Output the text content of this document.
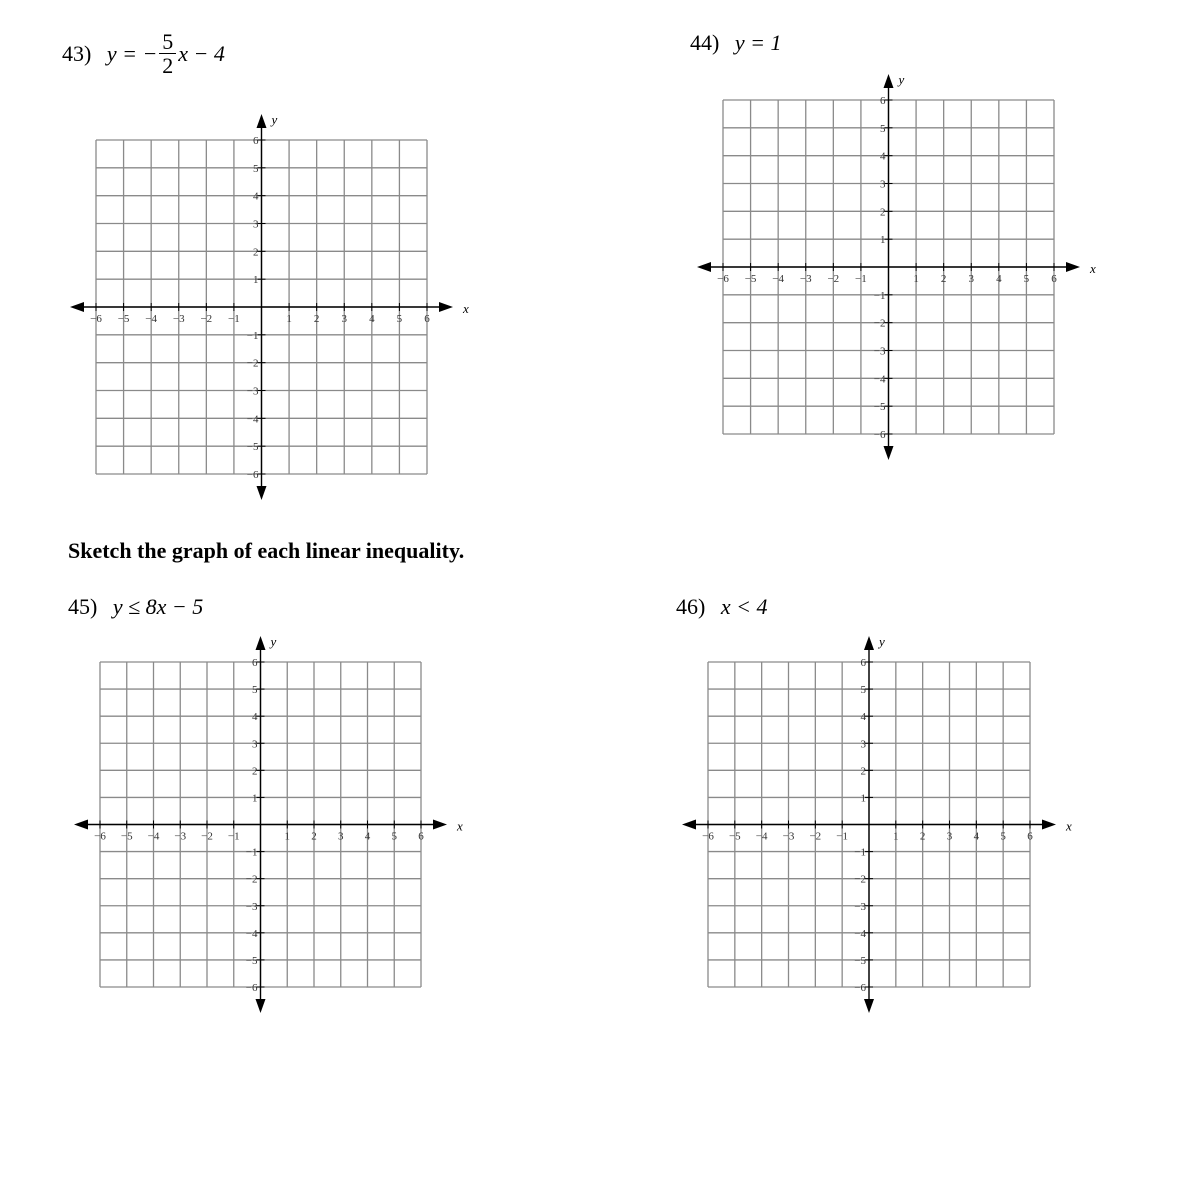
43) y = − $\frac{5}{2}$ x − 4	44) y = 1
Sketch the graph of each linear inequality.
45) y ≤ 8x − 5	46) x < 4
−6 −5 −4 −3 −2 −1	1 2 3 4 5 6
6
5
4
3
2
1
−1
−2
−3
−4
−5
−6
x
y
−6 −5 −4 −3 −2 −1	1 2 3 4 5 6
6
5
4
3
2
1
−1
−2
−3
−4
−5
−6
x
y
−6 −5 −4 −3 −2 −1	1 2 3 4 5 6
6
5
4
3
2
1
−1
−2
−3
−4
−5
−6
x
y
−6 −5 −4 −3 −2 −1	1 2 3 4 5 6
6
5
4
3
2
1
−1
−2
−3
−4
−5
−6
x
y
